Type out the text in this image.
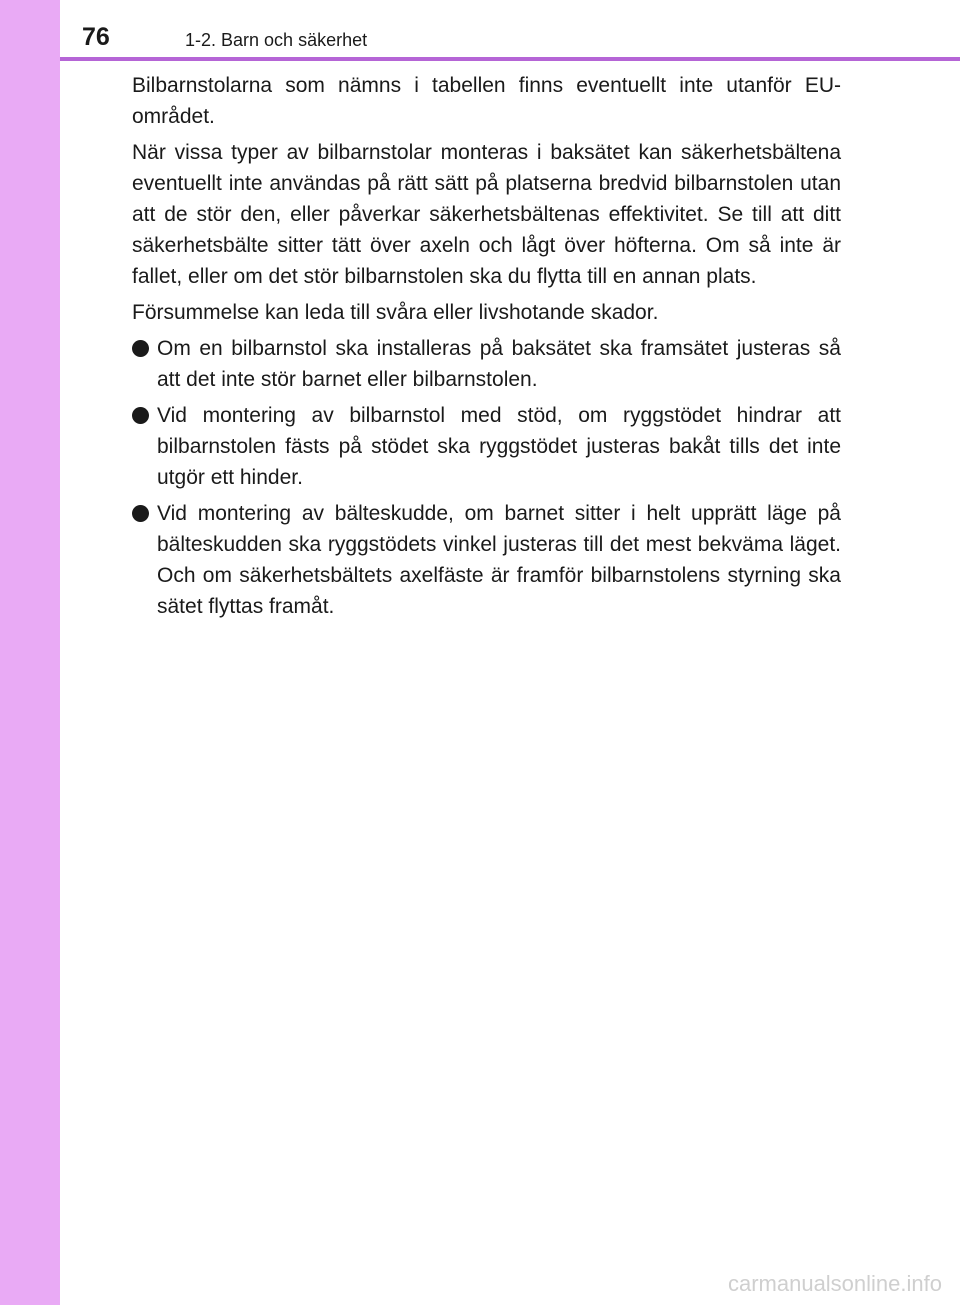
76	1-2. Barn och säkerhet

Bilbarnstolarna som nämns i tabellen finns eventuellt inte utanför EU-området.

När vissa typer av bilbarnstolar monteras i baksätet kan säkerhetsbältena eventuellt inte användas på rätt sätt på platserna bredvid bilbarnstolen utan att de stör den, eller påverkar säkerhetsbältenas effektivitet. Se till att ditt säkerhetsbälte sitter tätt över axeln och lågt över höfterna. Om så inte är fallet, eller om det stör bilbarnstolen ska du flytta till en annan plats.

Försummelse kan leda till svåra eller livshotande skador.

Om en bilbarnstol ska installeras på baksätet ska framsätet justeras så att det inte stör barnet eller bilbarnstolen.
Vid montering av bilbarnstol med stöd, om ryggstödet hindrar att bilbarnstolen fästs på stödet ska ryggstödet justeras bakåt tills det inte utgör ett hinder.
Vid montering av bälteskudde, om barnet sitter i helt upprätt läge på bälteskudden ska ryggstödets vinkel justeras till det mest bekväma läget. Och om säkerhetsbältets axelfäste är framför bilbarnstolens styrning ska sätet flyttas framåt.
carmanualsonline.info
